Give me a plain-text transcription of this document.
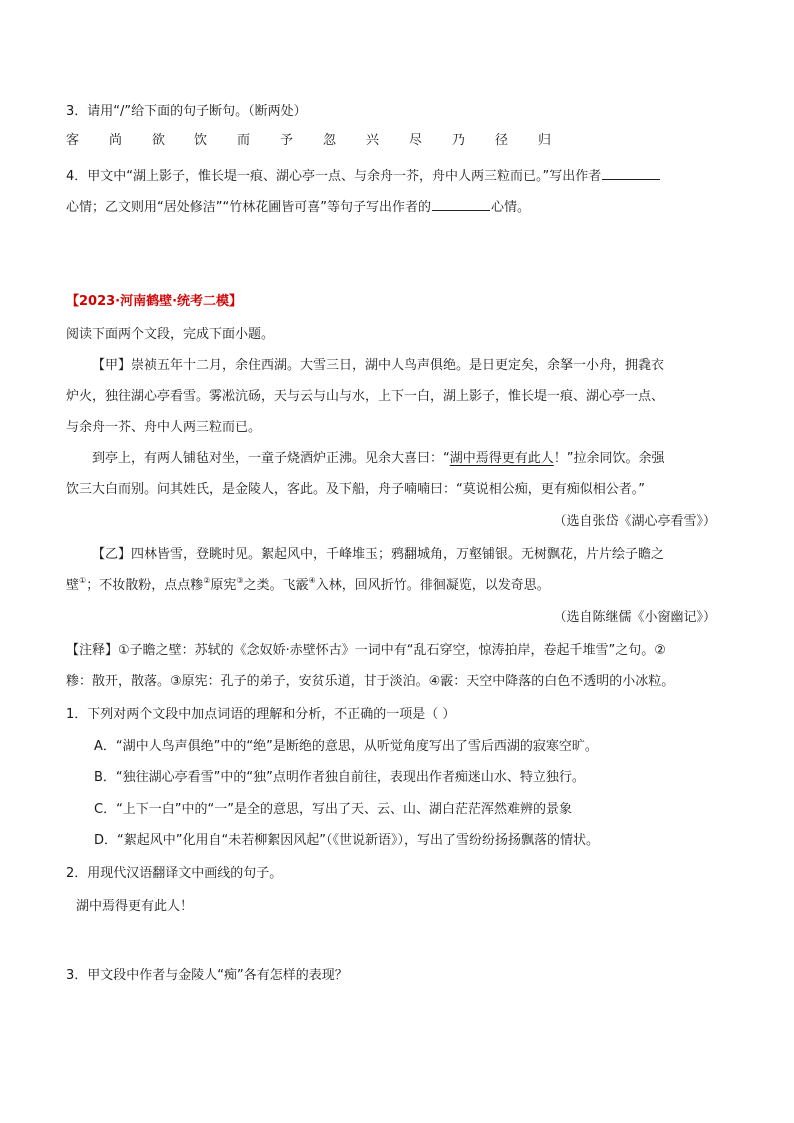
3．请用“/”给下面的句子断句。（断两处）
客 尚 欲 饮 而 予 忽 兴 尽 乃 径 归
4．甲文中“湖上影子，惟长堤一痕、湖心亭一点、与余舟一芥，舟中人两三粒而已。”写出作者
心情；乙文则用“居处修洁”“竹林花圃皆可喜”等句子写出作者的	心情。
【2023·河南鹤壁·统考二模】
阅读下面两个文段，完成下面小题。
【甲】崇祯五年十二月，余住西湖。大雪三日，湖中人鸟声俱绝。是日更定矣，余拏一小舟，拥毳衣
炉火，独往湖心亭看雪。雾凇沆砀，天与云与山与水，上下一白，湖上影子，惟长堤一痕、湖心亭一点、
与余舟一芥、舟中人两三粒而已。
到亭上，有两人铺毡对坐，一童子烧酒炉正沸。见余大喜曰：“湖中焉得更有此人！”拉余同饮。余强
饮三大白而别。问其姓氏，是金陵人，客此。及下船，舟子喃喃曰：“莫说相公痴，更有痴似相公者。”
（选自张岱《湖心亭看雪》）
【乙】四林皆雪，登眺时见。絮起风中，千峰堆玉；鸦翻城角，万壑铺银。无树飘花，片片绘子瞻之
壁①；不妆散粉，点点糁②原宪③之类。飞霰④入林，回风折竹。徘徊凝览，以发奇思。
（选自陈继儒《小窗幽记》）
【注释】①子瞻之壁：苏轼的《念奴娇·赤壁怀古》一词中有“乱石穿空，惊涛拍岸，卷起千堆雪”之句。②
糁：散开，散落。③原宪：孔子的弟子，安贫乐道，甘于淡泊。④霰：天空中降落的白色不透明的小冰粒。
1．下列对两个文段中加点词语的理解和分析，不正确的一项是（ ）
A．“湖中人鸟声俱绝”中的“绝”是断绝的意思，从听觉角度写出了雪后西湖的寂寒空旷。
B．“独往湖心亭看雪”中的“独”点明作者独自前往，表现出作者痴迷山水、特立独行。
C．“上下一白”中的“一”是全的意思，写出了天、云、山、湖白茫茫浑然难辨的景象
D．“絮起风中”化用自“未若柳絮因风起”（《世说新语》），写出了雪纷纷扬扬飘落的情状。
2．用现代汉语翻译文中画线的句子。
湖中焉得更有此人！
3．甲文段中作者与金陵人“痴”各有怎样的表现？
